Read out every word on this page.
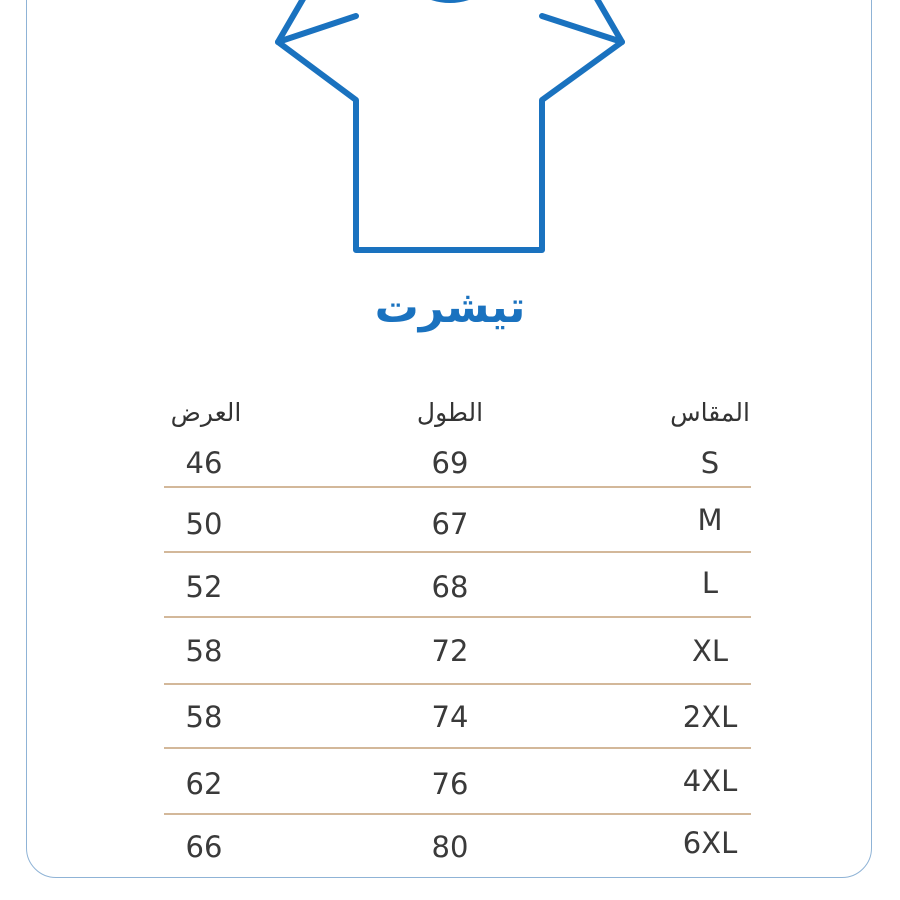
تيشرت
المقاس
الطول
العرض
S
69
46
M
67
50
L
68
52
XL
72
58
2XL
74
58
4XL
76
62
6XL
80
66
